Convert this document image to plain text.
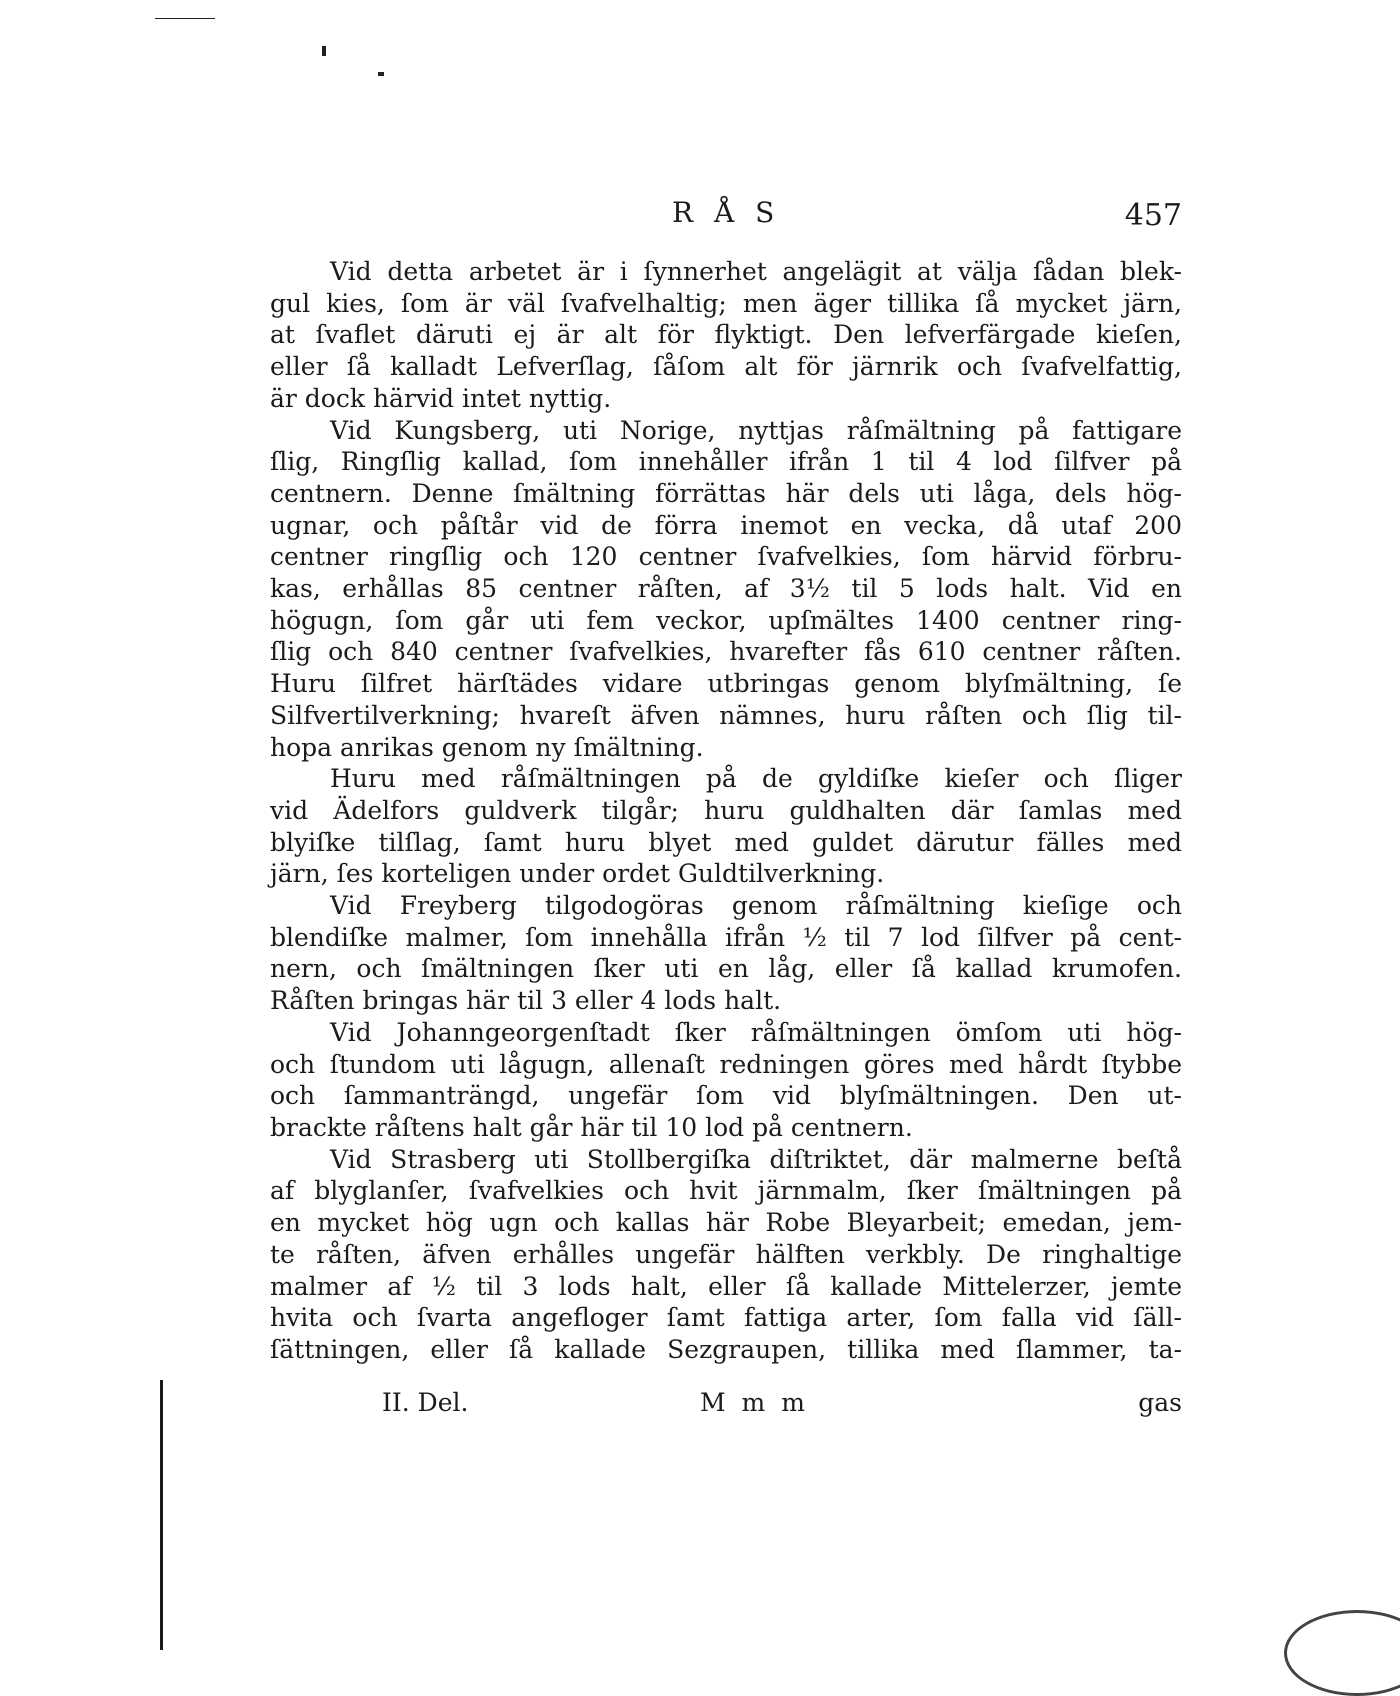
R Å S	457

Vid detta arbetet är i ſynnerhet angelägit at välja ſådan blek-
gul kies, ſom är väl ſvafvelhaltig; men äger tillika ſå mycket järn,
at ſvaflet däruti ej är alt för flyktigt. Den lefverfärgade kieſen,
eller ſå kalladt Lefverſlag, ſåſom alt för järnrik och ſvafvelfattig,
är dock härvid intet nyttig.

Vid Kungsberg, uti Norige, nyttjas råſmältning på fattigare
ſlig, Ringſlig kallad, ſom innehåller ifrån 1 til 4 lod ſilfver på
centnern. Denne ſmältning förrättas här dels uti låga, dels hög-
ugnar, och påſtår vid de förra inemot en vecka, då utaf 200
centner ringſlig och 120 centner ſvafvelkies, ſom härvid förbru-
kas, erhållas 85 centner råſten, af 3½ til 5 lods halt. Vid en
högugn, ſom går uti fem veckor, upſmältes 1400 centner ring-
ſlig och 840 centner ſvafvelkies, hvarefter fås 610 centner råſten.
Huru ſilfret härſtädes vidare utbringas genom blyſmältning, ſe
Silfvertilverkning; hvareſt äfven nämnes, huru råſten och ſlig til-
hopa anrikas genom ny ſmältning.

Huru med råſmältningen på de gyldiſke kieſer och ſliger
vid Ädelfors guldverk tilgår; huru guldhalten där ſamlas med
blyiſke tilſlag, ſamt huru blyet med guldet därutur fälles med
järn, ſes korteligen under ordet Guldtilverkning.

Vid Freyberg tilgodogöras genom råſmältning kieſige och
blendiſke malmer, ſom innehålla ifrån ½ til 7 lod ſilfver på cent-
nern, och ſmältningen ſker uti en låg, eller ſå kallad krumofen.
Råſten bringas här til 3 eller 4 lods halt.

Vid Johanngeorgenſtadt ſker råſmältningen ömſom uti hög-
och ſtundom uti lågugn, allenaſt redningen göres med hårdt ſtybbe
och ſammanträngd, ungefär ſom vid blyſmältningen. Den ut-
brackte råſtens halt går här til 10 lod på centnern.

Vid Strasberg uti Stollbergiſka diſtriktet, där malmerne beſtå
af blyglanſer, ſvafvelkies och hvit järnmalm, ſker ſmältningen på
en mycket hög ugn och kallas här Robe Bleyarbeit; emedan, jem-
te råſten, äfven erhålles ungefär hälften verkbly. De ringhaltige
malmer af ½ til 3 lods halt, eller ſå kallade Mittelerzer, jemte
hvita och ſvarta angefloger ſamt fattiga arter, ſom falla vid ſäll-
ſättningen, eller ſå kallade Sezgraupen, tillika med ſlammer, ta-

II. Del.	M m m	gas
